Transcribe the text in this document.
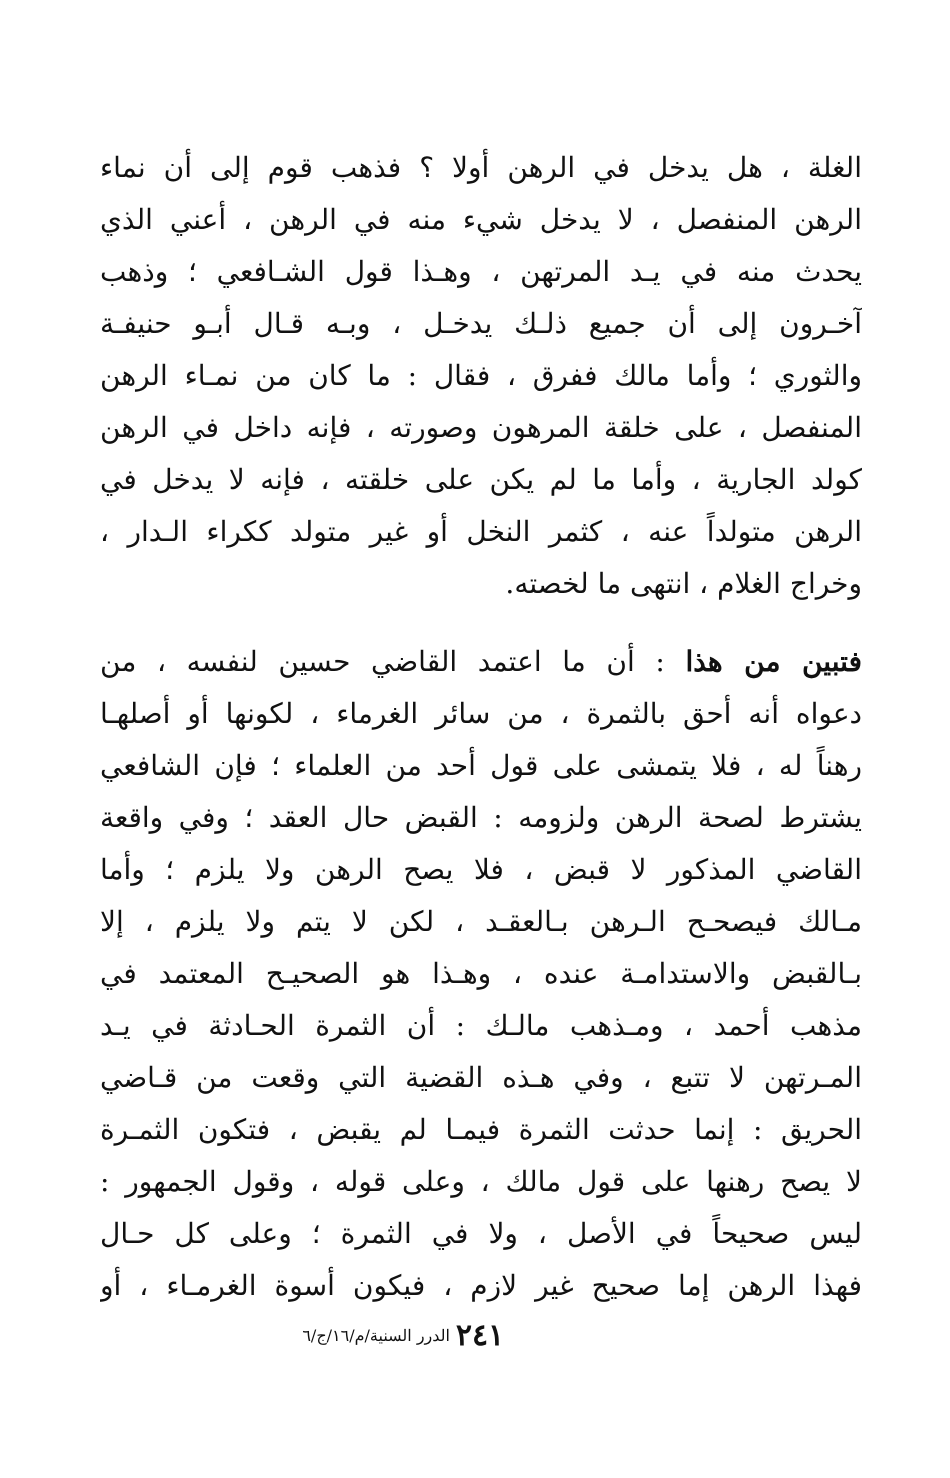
الغلة ، هل يدخل في الرهن أولا ؟ فذهب قوم إلى أن نماء
الرهن المنفصل ، لا يدخل شيء منه في الرهن ، أعني الذي
يحدث منه في يـد المرتهن ، وهـذا قول الشـافعي ؛ وذهب
آخـرون إلى أن جميع ذلـك يدخـل ، وبـه قـال أبـو حنيفـة
والثوري ؛ وأما مالك ففرق ، فقال : ما كان من نمـاء الرهن
المنفصل ، على خلقة المرهون وصورته ، فإنه داخل في الرهن
كولد الجارية ، وأما ما لم يكن على خلقته ، فإنه لا يدخل في
الرهن متولداً عنه ، كثمر النخل أو غير متولد ككراء الـدار ،
وخراج الغلام ، انتهى ما لخصته.
فتبين من هذا : أن ما اعتمد القاضي حسين لنفسه ، من
دعواه أنه أحق بالثمرة ، من سائر الغرماء ، لكونها أو أصلهـا
رهناً له ، فلا يتمشى على قول أحد من العلماء ؛ فإن الشافعي
يشترط لصحة الرهن ولزومه : القبض حال العقد ؛ وفي واقعة
القاضي المذكور لا قبض ، فلا يصح الرهن ولا يلزم ؛ وأما
مـالك فيصحـح الـرهن بـالعقـد ، لكن لا يتم ولا يلزم ، إلا
بـالقبض والاستدامـة عنده ، وهـذا هو الصحيـح المعتمد في
مذهب أحمد ، ومـذهب مالـك : أن الثمرة الحـادثة في يـد
المـرتهن لا تتبع ، وفي هـذه القضية التي وقعت من قـاضي
الحريق : إنما حدثت الثمرة فيمـا لم يقبض ، فتكون الثمـرة
لا يصح رهنها على قول مالك ، وعلى قوله ، وقول الجمهور :
ليس صحيحاً في الأصل ، ولا في الثمرة ؛ وعلى كل حـال
فهذا الرهن إما صحيح غير لازم ، فيكون أسوة الغرمـاء ، أو
٢٤١
الدرر السنية/م/١٦/ج/٦
